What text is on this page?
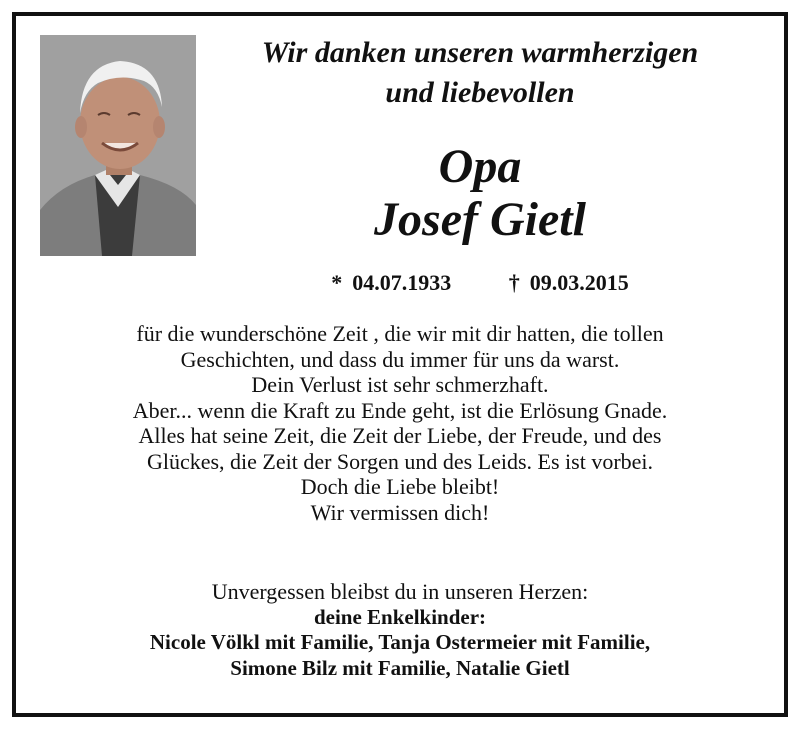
Wir danken unseren warmherzigen
und liebevollen
Opa
Josef Gietl
* 04.07.1933	† 09.03.2015
für die wunderschöne Zeit , die wir mit dir hatten, die tollen
Geschichten, und dass du immer für uns da warst.
Dein Verlust ist sehr schmerzhaft.
Aber... wenn die Kraft zu Ende geht, ist die Erlösung Gnade.
Alles hat seine Zeit, die Zeit der Liebe, der Freude, und des
Glückes, die Zeit der Sorgen und des Leids. Es ist vorbei.
Doch die Liebe bleibt!
Wir vermissen dich!
Unvergessen bleibst du in unseren Herzen:
deine Enkelkinder:
Nicole Völkl mit Familie, Tanja Ostermeier mit Familie,
Simone Bilz mit Familie, Natalie Gietl
